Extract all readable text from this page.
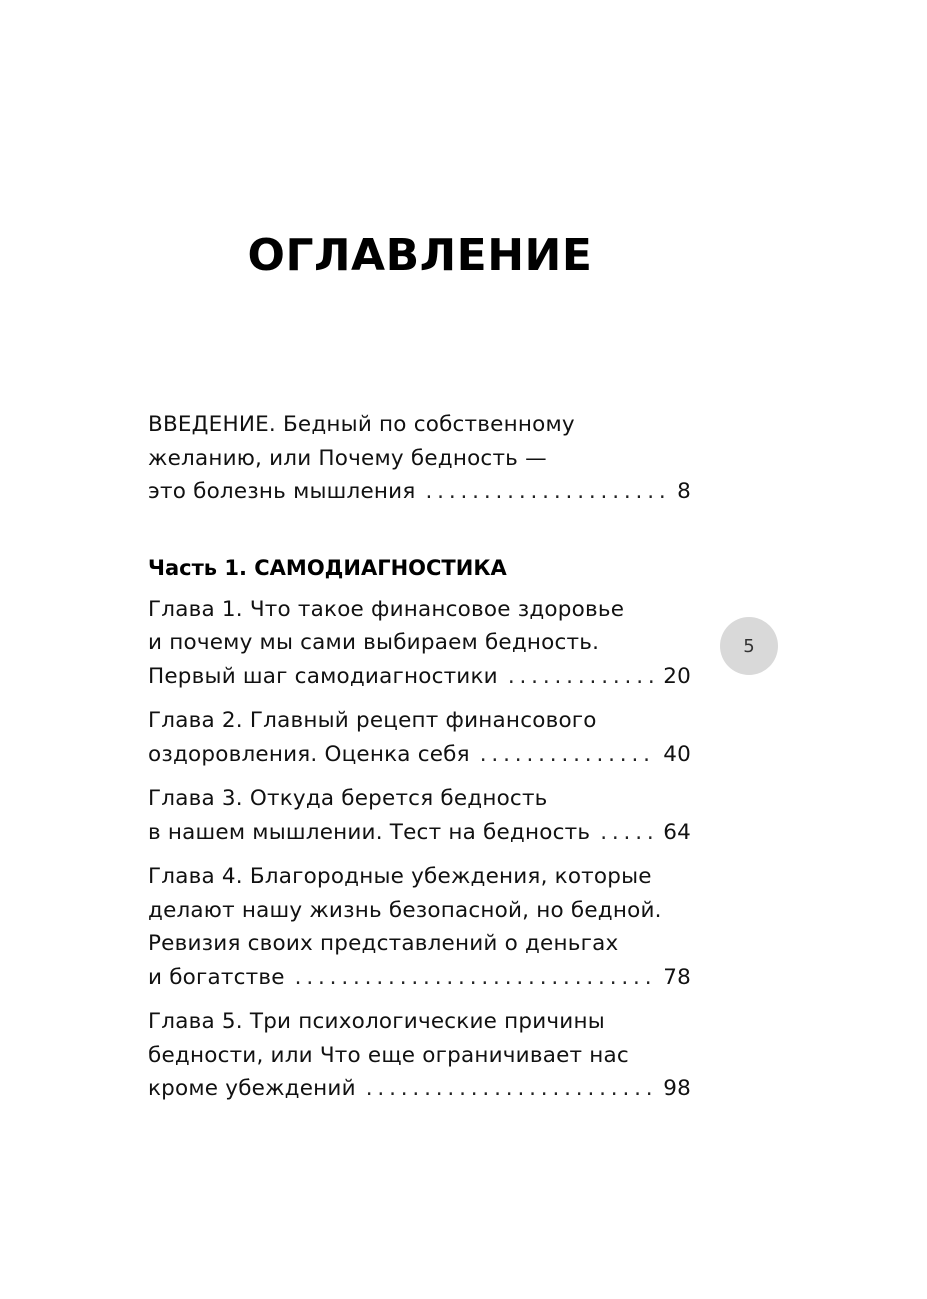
ОГЛАВЛЕНИЕ
ВВЕДЕНИЕ. Бедный по собственному
желанию, или Почему бедность —
это болезнь мышления . . .	8
Часть 1. САМОДИАГНОСТИКА
Глава 1. Что такое финансовое здоровье
и почему мы сами выбираем бедность.
Первый шаг самодиагностики . . .	20
Глава 2. Главный рецепт финансового
оздоровления. Оценка себя . . .	40
Глава 3. Откуда берется бедность
в нашем мышлении. Тест на бедность . . .	64
Глава 4. Благородные убеждения, которые
делают нашу жизнь безопасной, но бедной.
Ревизия своих представлений о деньгах
и богатстве . . .	78
Глава 5. Три психологические причины
бедности, или Что еще ограничивает нас
кроме убеждений . . .	98
5
